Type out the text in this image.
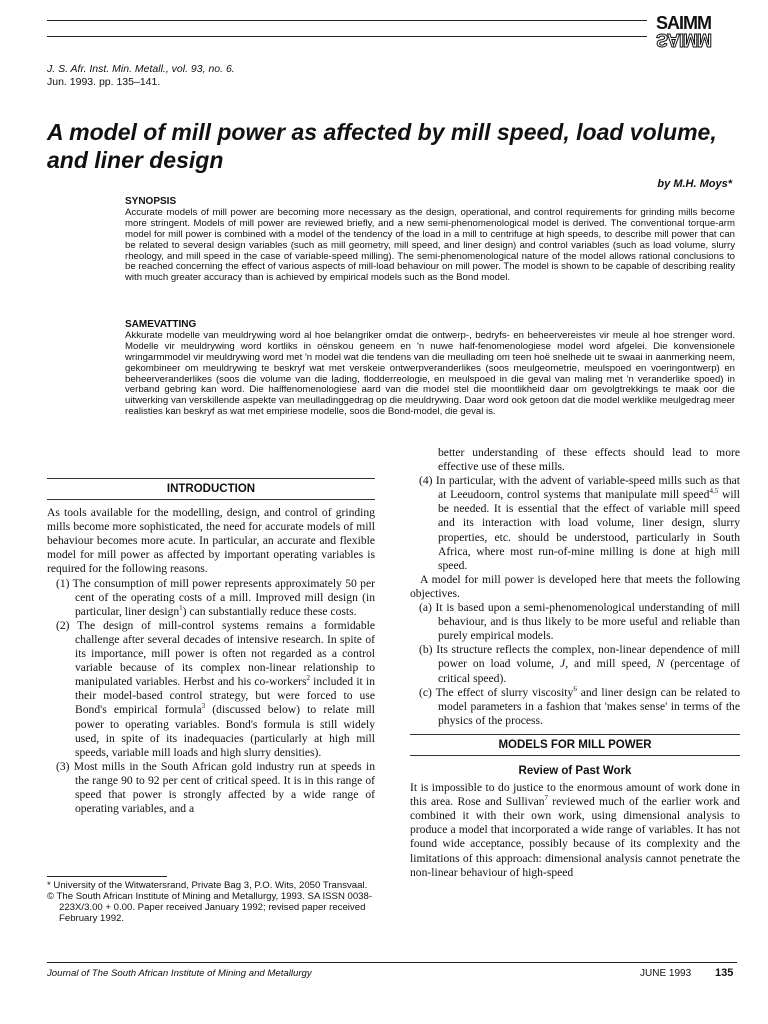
SAIMM
SAIMM
J. S. Afr. Inst. Min. Metall., vol. 93, no. 6.
Jun. 1993. pp. 135–141.
A model of mill power as affected by mill speed, load volume, and liner design
by M.H. Moys*
SYNOPSIS
Accurate models of mill power are becoming more necessary as the design, operational, and control requirements for grinding mills become more stringent. Models of mill power are reviewed briefly, and a new semi-phenomenological model is derived. The conventional torque-arm model for mill power is combined with a model of the tendency of the load in a mill to centrifuge at high speeds, to describe mill power that can be related to several design variables (such as mill geometry, mill speed, and liner design) and control variables (such as load volume, slurry rheology, and mill speed in the case of variable-speed milling). The semi-phenomenological nature of the model allows rational conclusions to be reached concerning the effect of various aspects of mill-load behaviour on mill power. The model is shown to be capable of describing reality with much greater accuracy than is achieved by empirical models such as the Bond model.
SAMEVATTING
Akkurate modelle van meuldrywing word al hoe belangriker omdat die ontwerp-, bedryfs- en beheervereistes vir meule al hoe strenger word. Modelle vir meuldrywing word kortliks in oënskou geneem en 'n nuwe half-fenomenologiese model word afgelei. Die konvensionele wringarmmodel vir meuldrywing word met 'n model wat die tendens van die meullading om teen hoë snelhede uit te swaai in aanmerking neem, gekombineer om meuldrywing te beskryf wat met verskeie ontwerpveranderlikes (soos meulgeometrie, meulspoed en voeringontwerp) en beheerveranderlikes (soos die volume van die lading, flodderreologie, en meulspoed in die geval van maling met 'n veranderlike spoed) in verband gebring kan word. Die halffenomenologiese aard van die model stel die moontlikheid daar om gevolgtrekkings te maak oor die uitwerking van verskillende aspekte van meulladinggedrag op die meuldrywing. Daar word ook getoon dat die model werklike meulgedrag meer realisties kan beskryf as wat met empiriese modelle, soos die Bond-model, die geval is.
INTRODUCTION

As tools available for the modelling, design, and control of grinding mills become more sophisticated, the need for accurate models of mill behaviour becomes more acute. In particular, an accurate and flexible model for mill power as affected by important operating variables is required for the following reasons.

(1) The consumption of mill power represents approximately 50 per cent of the operating costs of a mill. Improved mill design (in particular, liner design$^1$) can substantially reduce these costs.

(2) The design of mill-control systems remains a formidable challenge after several decades of intensive research. In spite of its importance, mill power is often not regarded as a control variable because of its complex non-linear relationship to manipulated variables. Herbst and his co-workers$^2$ included it in their model-based control strategy, but were forced to use Bond's empirical formula$^3$ (discussed below) to relate mill power to operating variables. Bond's formula is still widely used, in spite of its inadequacies (particularly at high mill speeds, variable mill loads and high slurry densities).

(3) Most mills in the South African gold industry run at speeds in the range 90 to 92 per cent of critical speed. It is in this range of speed that power is strongly affected by a wide range of operating variables, and a

* University of the Witwatersrand, Private Bag 3, P.O. Wits, 2050 Transvaal.

© The South African Institute of Mining and Metallurgy, 1993. SA ISSN 0038-223X/3.00 + 0.00. Paper received January 1992; revised paper received February 1992.

better understanding of these effects should lead to more effective use of these mills.

(4) In particular, with the advent of variable-speed mills such as that at Leeudoorn, control systems that manipulate mill speed$^{4,5}$ will be needed. It is essential that the effect of variable mill speed and its interaction with load volume, liner design, slurry properties, etc. should be understood, particularly in South Africa, where most run-of-mine milling is done at high mill speed.

A model for mill power is developed here that meets the following objectives.

(a) It is based upon a semi-phenomenological understanding of mill behaviour, and is thus likely to be more useful and reliable than purely empirical models.

(b) Its structure reflects the complex, non-linear dependence of mill power on load volume, J, and mill speed, N (percentage of critical speed).

(c) The effect of slurry viscosity$^6$ and liner design can be related to model parameters in a fashion that 'makes sense' in terms of the physics of the process.

MODELS FOR MILL POWER
Review of Past Work

It is impossible to do justice to the enormous amount of work done in this area. Rose and Sullivan$^7$ reviewed much of the earlier work and combined it with their own work, using dimensional analysis to produce a model that incorporated a wide range of variables. It has not found wide acceptance, possibly because of its complexity and the limitations of this approach: dimensional analysis cannot penetrate the non-linear behaviour of high-speed

Journal of The South African Institute of Mining and Metallurgy	JUNE 1993 135
